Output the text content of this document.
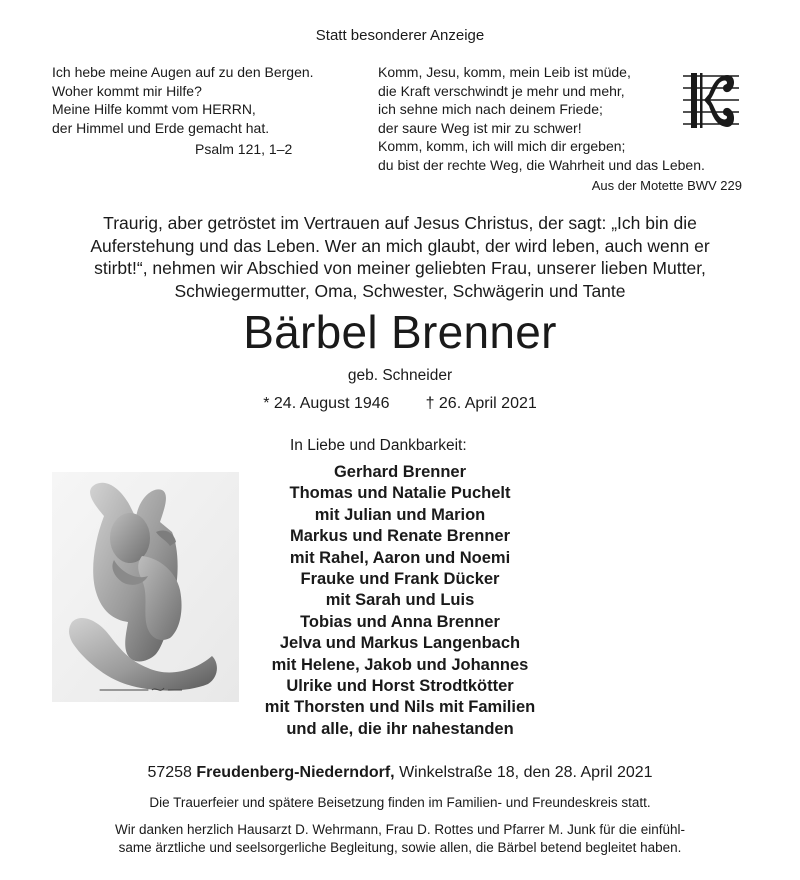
Statt besonderer Anzeige
Ich hebe meine Augen auf zu den Bergen.
Woher kommt mir Hilfe?
Meine Hilfe kommt vom HERRN,
der Himmel und Erde gemacht hat.
Psalm 121, 1–2
Komm, Jesu, komm, mein Leib ist müde,
die Kraft verschwindt je mehr und mehr,
ich sehne mich nach deinem Friede;
der saure Weg ist mir zu schwer!
Komm, komm, ich will mich dir ergeben;
du bist der rechte Weg, die Wahrheit und das Leben.
Aus der Motette BWV 229
Traurig, aber getröstet im Vertrauen auf Jesus Christus, der sagt: „Ich bin die
Auferstehung und das Leben. Wer an mich glaubt, der wird leben, auch wenn er
stirbt!“, nehmen wir Abschied von meiner geliebten Frau, unserer lieben Mutter,
Schwiegermutter, Oma, Schwester, Schwägerin und Tante
Bärbel Brenner
geb. Schneider
* 24. August 1946 † 26. April 2021
In Liebe und Dankbarkeit:
Gerhard Brenner
Thomas und Natalie Puchelt
mit Julian und Marion
Markus und Renate Brenner
mit Rahel, Aaron und Noemi
Frauke und Frank Dücker
mit Sarah und Luis
Tobias und Anna Brenner
Jelva und Markus Langenbach
mit Helene, Jakob und Johannes
Ulrike und Horst Strodtkötter
mit Thorsten und Nils mit Familien
und alle, die ihr nahestanden
57258 Freudenberg-Niederndorf, Winkelstraße 18, den 28. April 2021
Die Trauerfeier und spätere Beisetzung finden im Familien- und Freundeskreis statt.
Wir danken herzlich Hausarzt D. Wehrmann, Frau D. Rottes und Pfarrer M. Junk für die einfühl-
same ärztliche und seelsorgerliche Begleitung, sowie allen, die Bärbel betend begleitet haben.
